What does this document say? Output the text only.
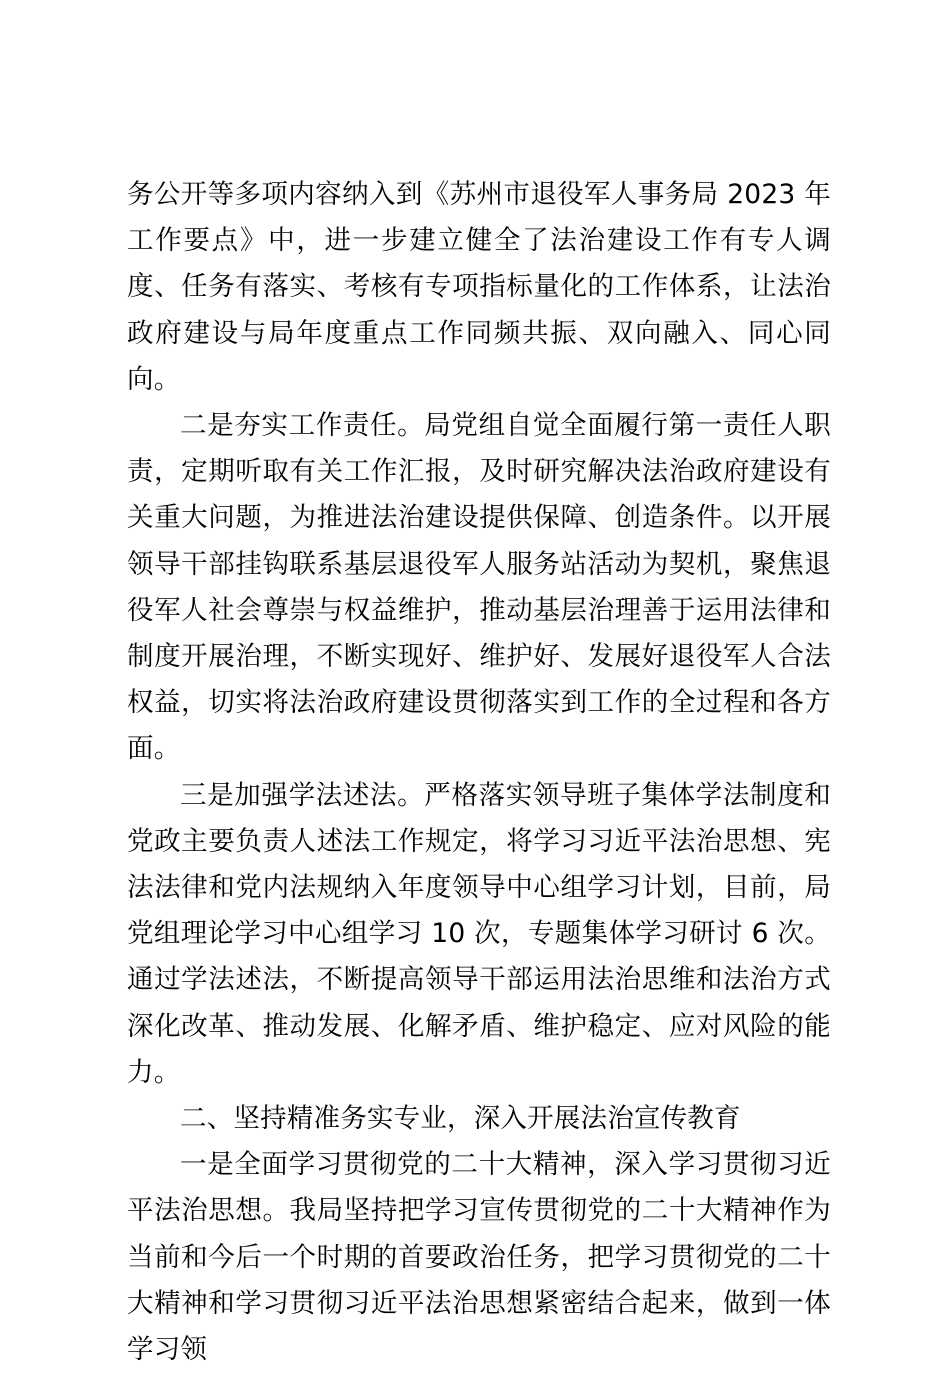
务公开等多项内容纳入到《苏州市退役军人事务局 2023 年工作要点》中，进一步建立健全了法治建设工作有专人调度、任务有落实、考核有专项指标量化的工作体系，让法治政府建设与局年度重点工作同频共振、双向融入、同心同向。

二是夯实工作责任。局党组自觉全面履行第一责任人职责，定期听取有关工作汇报，及时研究解决法治政府建设有关重大问题，为推进法治建设提供保障、创造条件。以开展领导干部挂钩联系基层退役军人服务站活动为契机，聚焦退役军人社会尊崇与权益维护，推动基层治理善于运用法律和制度开展治理，不断实现好、维护好、发展好退役军人合法权益，切实将法治政府建设贯彻落实到工作的全过程和各方面。

三是加强学法述法。严格落实领导班子集体学法制度和党政主要负责人述法工作规定，将学习习近平法治思想、宪法法律和党内法规纳入年度领导中心组学习计划，目前，局党组理论学习中心组学习 10 次，专题集体学习研讨 6 次。通过学法述法，不断提高领导干部运用法治思维和法治方式深化改革、推动发展、化解矛盾、维护稳定、应对风险的能力。

二、坚持精准务实专业，深入开展法治宣传教育

一是全面学习贯彻党的二十大精神，深入学习贯彻习近平法治思想。我局坚持把学习宣传贯彻党的二十大精神作为当前和今后一个时期的首要政治任务，把学习贯彻党的二十大精神和学习贯彻习近平法治思想紧密结合起来，做到一体学习领
